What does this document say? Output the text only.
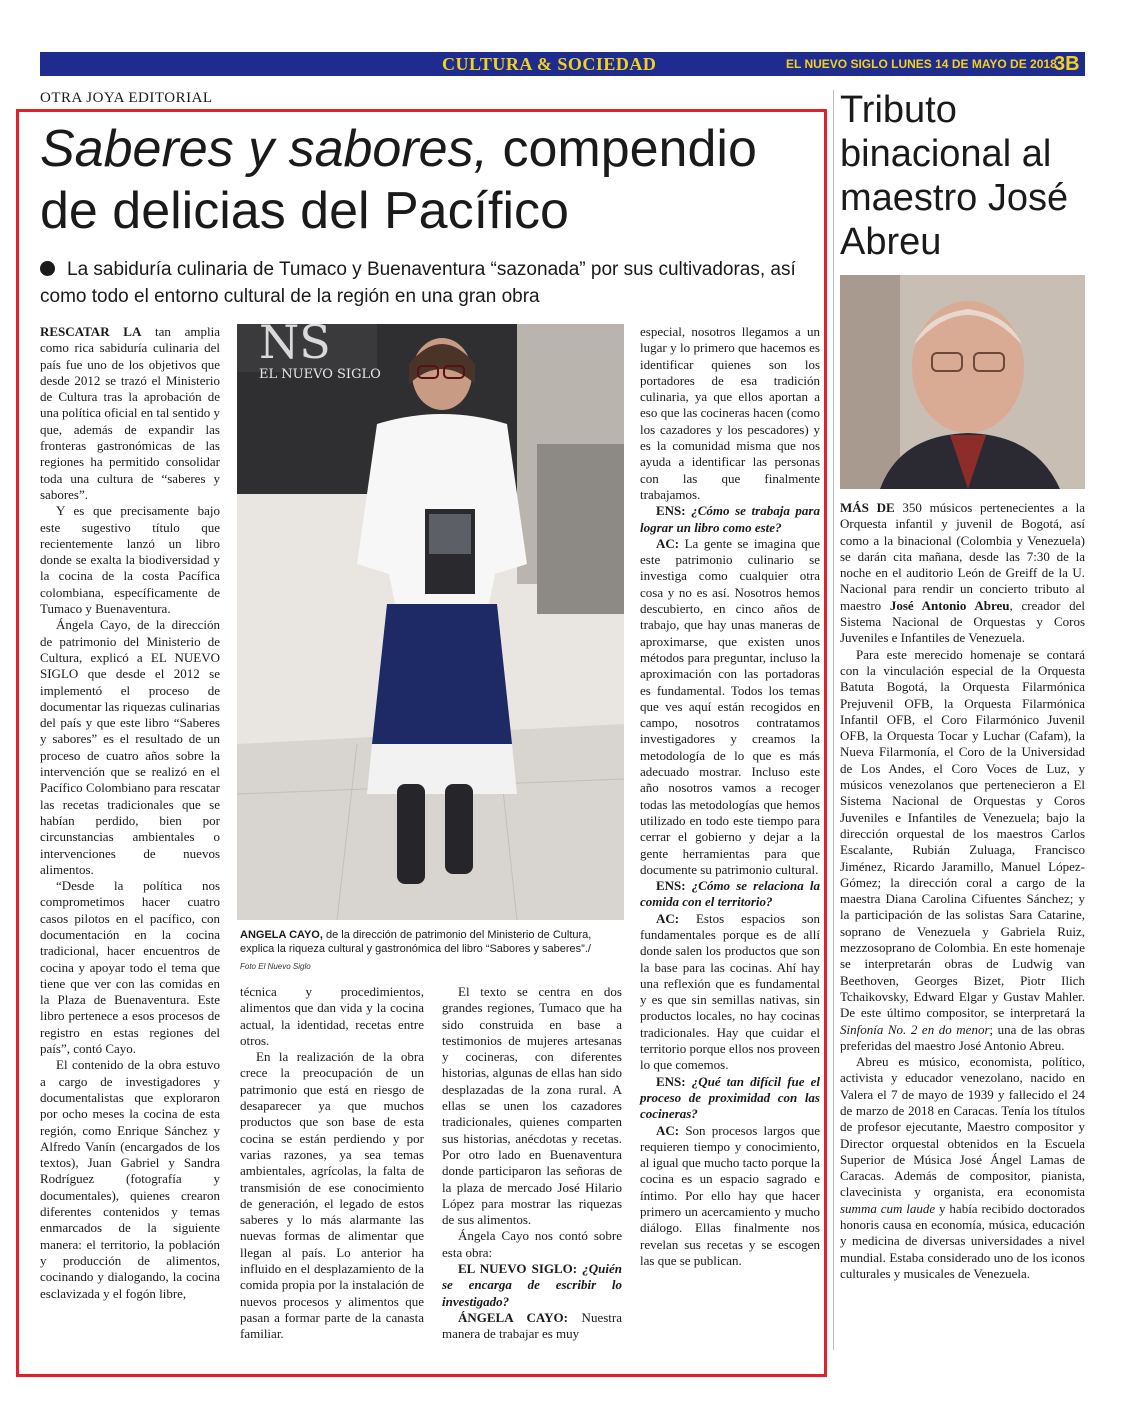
CULTURA & SOCIEDAD	EL NUEVO SIGLO LUNES 14 DE MAYO DE 2018
3B
OTRA JOYA EDITORIAL
Saberes y sabores, compendio de delicias del Pacífico
La sabiduría culinaria de Tumaco y Buenaventura “sazonada” por sus cultivadoras, así como todo el entorno cultural de la región en una gran obra

RESCATAR LA tan amplia como rica sabiduría culinaria del país fue uno de los objetivos que desde 2012 se trazó el Ministerio de Cultura tras la aprobación de una política oficial en tal sentido y que, además de expandir las fronteras gastronómicas de las regiones ha permitido consolidar toda una cultura de “saberes y sabores”.

Y es que precisamente bajo este sugestivo título que recientemente lanzó un libro donde se exalta la biodiversidad y la cocina de la costa Pacífica colombiana, específicamente de Tumaco y Buenaventura.

Ángela Cayo, de la dirección de patrimonio del Ministerio de Cultura, explicó a EL NUEVO SIGLO que desde el 2012 se implementó el proceso de documentar las riquezas culinarias del país y que este libro “Saberes y sabores” es el resultado de un proceso de cuatro años sobre la intervención que se realizó en el Pacífico Colombiano para rescatar las recetas tradicionales que se habían perdido, bien por circunstancias ambientales o intervenciones de nuevos alimentos.

“Desde la política nos comprometimos hacer cuatro casos pilotos en el pacífico, con documentación en la cocina tradicional, hacer encuentros de cocina y apoyar todo el tema que tiene que ver con las comidas en la Plaza de Buenaventura. Este libro pertenece a esos procesos de registro en estas regiones del país”, contó Cayo.

El contenido de la obra estuvo a cargo de investigadores y documentalistas que exploraron por ocho meses la cocina de esta región, como Enrique Sánchez y Alfredo Vanín (encargados de los textos), Juan Gabriel y Sandra Rodríguez (fotografía y documentales), quienes crearon diferentes contenidos y temas enmarcados de la siguiente manera: el territorio, la población y producción de alimentos, cocinando y dialogando, la cocina esclavizada y el fogón libre,

NS
EL NUEVO SIGLO
ANGELA CAYO, de la dirección de patrimonio del Ministerio de Cultura, explica la riqueza cultural y gastronómica del libro “Sabores y saberes”./
Foto El Nuevo Siglo

técnica y procedimientos, alimentos que dan vida y la cocina actual, la identidad, recetas entre otros.

En la realización de la obra crece la preocupación de un patrimonio que está en riesgo de desaparecer ya que muchos productos que son base de esta cocina se están perdiendo y por varias razones, ya sea temas ambientales, agrícolas, la falta de transmisión de ese conocimiento de generación, el legado de estos saberes y lo más alarmante las nuevas formas de alimentar que llegan al país. Lo anterior ha influido en el desplazamiento de la comida propia por la instalación de nuevos procesos y alimentos que pasan a formar parte de la canasta familiar.

El texto se centra en dos grandes regiones, Tumaco que ha sido construida en base a testimonios de mujeres artesanas y cocineras, con diferentes historias, algunas de ellas han sido desplazadas de la zona rural. A ellas se unen los cazadores tradicionales, quienes comparten sus historias, anécdotas y recetas. Por otro lado en Buenaventura donde participaron las señoras de la plaza de mercado José Hilario López para mostrar las riquezas de sus alimentos.

Ángela Cayo nos contó sobre esta obra:

EL NUEVO SIGLO: ¿Quién se encarga de escribir lo investigado?

ÁNGELA CAYO: Nuestra manera de trabajar es muy

especial, nosotros llegamos a un lugar y lo primero que hacemos es identificar quienes son los portadores de esa tradición culinaria, ya que ellos aportan a eso que las cocineras hacen (como los cazadores y los pescadores) y es la comunidad misma que nos ayuda a identificar las personas con las que finalmente trabajamos.

ENS: ¿Cómo se trabaja para lograr un libro como este?

AC: La gente se imagina que este patrimonio culinario se investiga como cualquier otra cosa y no es así. Nosotros hemos descubierto, en cinco años de trabajo, que hay unas maneras de aproximarse, que existen unos métodos para preguntar, incluso la aproximación con las portadoras es fundamental. Todos los temas que ves aquí están recogidos en campo, nosotros contratamos investigadores y creamos la metodología de lo que es más adecuado mostrar. Incluso este año nosotros vamos a recoger todas las metodologías que hemos utilizado en todo este tiempo para cerrar el gobierno y dejar a la gente herramientas para que documente su patrimonio cultural.

ENS: ¿Cómo se relaciona la comida con el territorio?

AC: Estos espacios son fundamentales porque es de allí donde salen los productos que son la base para las cocinas. Ahí hay una reflexión que es fundamental y es que sin semillas nativas, sin productos locales, no hay cocinas tradicionales. Hay que cuidar el territorio porque ellos nos proveen lo que comemos.

ENS: ¿Qué tan difícil fue el proceso de proximidad con las cocineras?

AC: Son procesos largos que requieren tiempo y conocimiento, al igual que mucho tacto porque la cocina es un espacio sagrado e íntimo. Por ello hay que hacer primero un acercamiento y mucho diálogo. Ellas finalmente nos revelan sus recetas y se escogen las que se publican.

Tributo binacional al maestro José Abreu

MÁS DE 350 músicos pertenecientes a la Orquesta infantil y juvenil de Bogotá, así como a la binacional (Colombia y Venezuela) se darán cita mañana, desde las 7:30 de la noche en el auditorio León de Greiff de la U. Nacional para rendir un concierto tributo al maestro José Antonio Abreu, creador del Sistema Nacional de Orquestas y Coros Juveniles e Infantiles de Venezuela.

Para este merecido homenaje se contará con la vinculación especial de la Orquesta Batuta Bogotá, la Orquesta Filarmónica Prejuvenil OFB, la Orquesta Filarmónica Infantil OFB, el Coro Filarmónico Juvenil OFB, la Orquesta Tocar y Luchar (Cafam), la Nueva Filarmonía, el Coro de la Universidad de Los Andes, el Coro Voces de Luz, y músicos venezolanos que pertenecieron a El Sistema Nacional de Orquestas y Coros Juveniles e Infantiles de Venezuela; bajo la dirección orquestal de los maestros Carlos Escalante, Rubián Zuluaga, Francisco Jiménez, Ricardo Jaramillo, Manuel López-Gómez; la dirección coral a cargo de la maestra Diana Carolina Cifuentes Sánchez; y la participación de las solistas Sara Catarine, soprano de Venezuela y Gabriela Ruiz, mezzosoprano de Colombia. En este homenaje se interpretarán obras de Ludwig van Beethoven, Georges Bizet, Piotr Ilich Tchaikovsky, Edward Elgar y Gustav Mahler. De este último compositor, se interpretará la Sinfonía No. 2 en do menor; una de las obras preferidas del maestro José Antonio Abreu.

Abreu es músico, economista, político, activista y educador venezolano, nacido en Valera el 7 de mayo de 1939 y fallecido el 24 de marzo de 2018 en Caracas. Tenía los títulos de profesor ejecutante, Maestro compositor y Director orquestal obtenidos en la Escuela Superior de Música José Ángel Lamas de Caracas. Además de compositor, pianista, clavecinista y organista, era economista summa cum laude y había recibido doctorados honoris causa en economía, música, educación y medicina de diversas universidades a nivel mundial. Estaba considerado uno de los iconos culturales y musicales de Venezuela.
